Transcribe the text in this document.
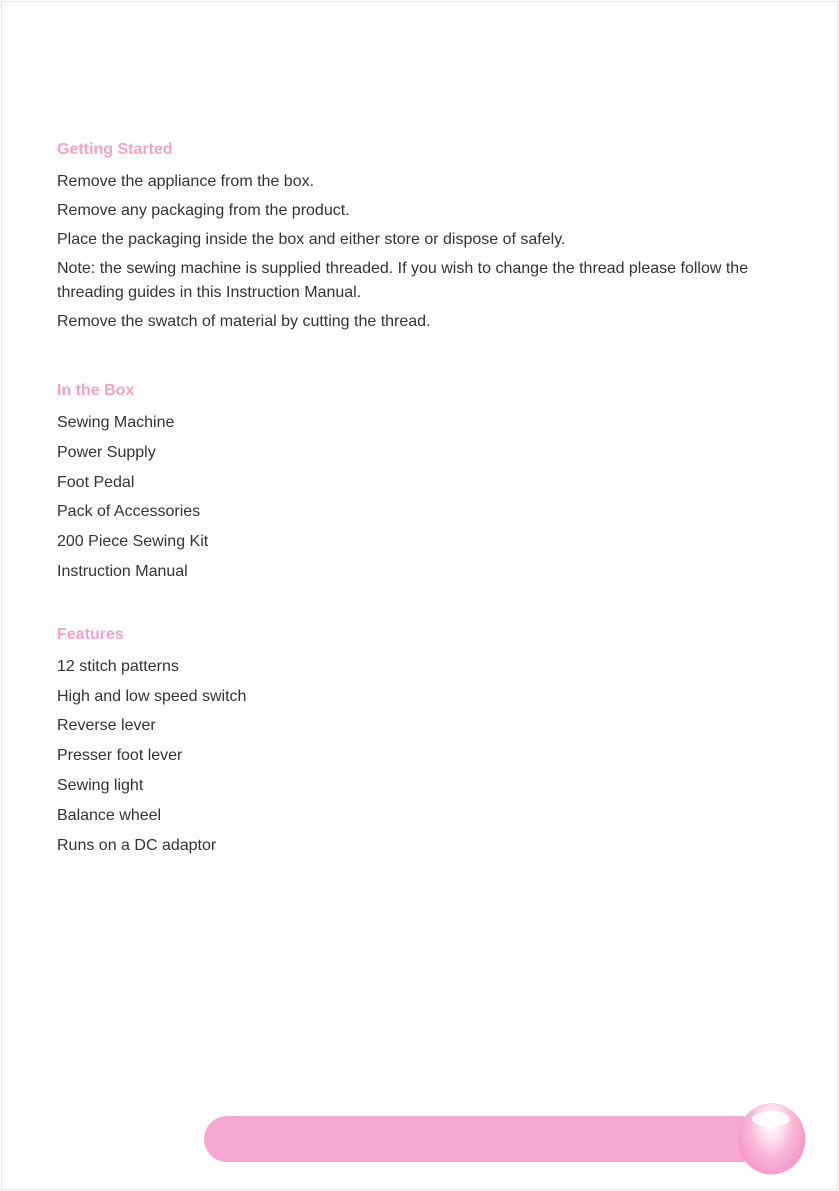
Getting Started
Remove the appliance from the box.
Remove any packaging from the product.
Place the packaging inside the box and either store or dispose of safely.
Note: the sewing machine is supplied threaded. If you wish to change the thread please follow the threading guides in this Instruction Manual.
Remove the swatch of material by cutting the thread.
In the Box
Sewing Machine
Power Supply
Foot Pedal
Pack of Accessories
200 Piece Sewing Kit
Instruction Manual
Features
12 stitch patterns
High and low speed switch
Reverse lever
Presser foot lever
Sewing light
Balance wheel
Runs on a DC adaptor
